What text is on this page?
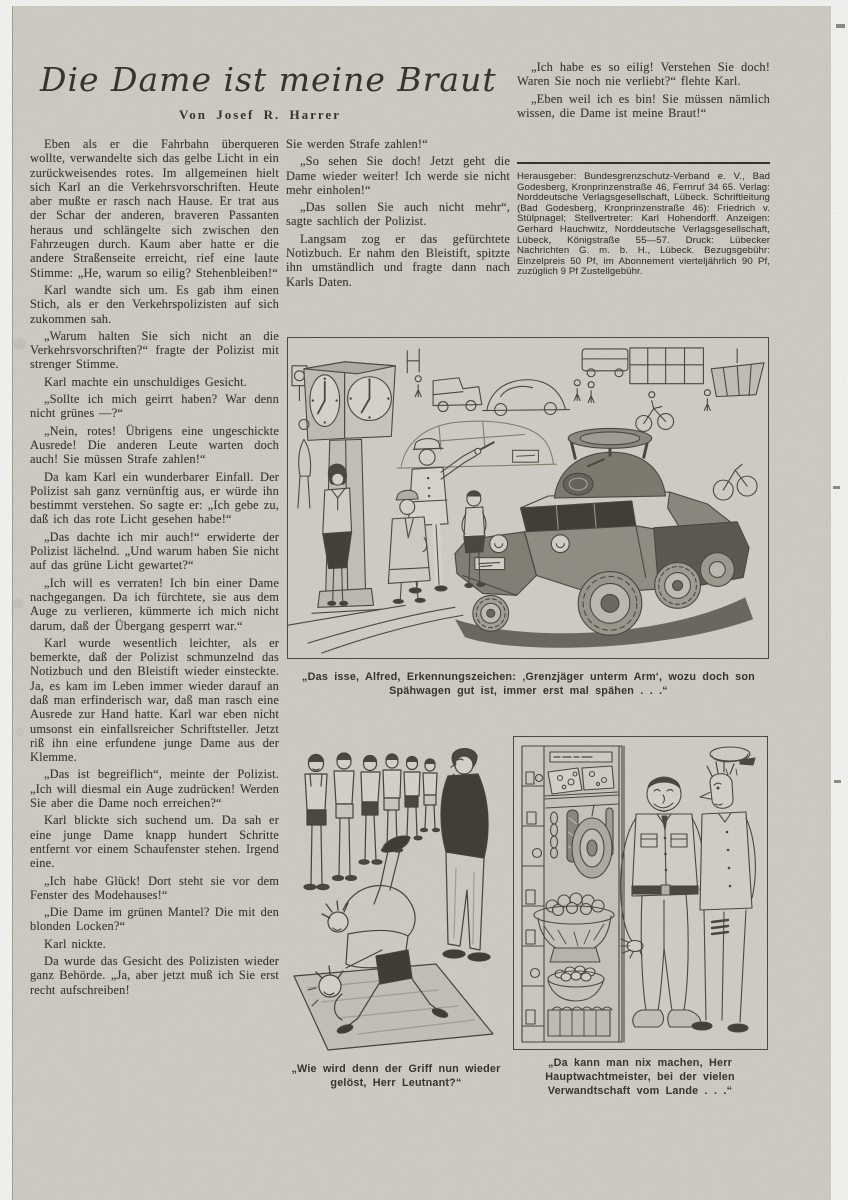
Die Dame ist meine Braut
Von Josef R. Harrer

Eben als er die Fahrbahn überqueren wollte, verwandelte sich das gelbe Licht in ein zurückweisendes rotes. Im allgemeinen hielt sich Karl an die Verkehrsvorschriften. Heute aber mußte er rasch nach Hause. Er trat aus der Schar der anderen, braveren Passanten heraus und schlängelte sich zwischen den Fahrzeugen durch. Kaum aber hatte er die andere Straßenseite erreicht, rief eine laute Stimme: „He, warum so eilig? Stehenbleiben!“

Karl wandte sich um. Es gab ihm einen Stich, als er den Verkehrspolizisten auf sich zukommen sah.

„Warum halten Sie sich nicht an die Verkehrsvorschriften?“ fragte der Polizist mit strenger Stimme.

Karl machte ein unschuldiges Gesicht.

„Sollte ich mich geirrt haben? War denn nicht grünes —?“

„Nein, rotes! Übrigens eine ungeschickte Ausrede! Die anderen Leute warten doch auch! Sie müssen Strafe zahlen!“

Da kam Karl ein wunderbarer Einfall. Der Polizist sah ganz vernünftig aus, er würde ihn bestimmt verstehen. So sagte er: „Ich gebe zu, daß ich das rote Licht gesehen habe!“

„Das dachte ich mir auch!“ erwiderte der Polizist lächelnd. „Und warum haben Sie nicht auf das grüne Licht gewartet?“

„Ich will es verraten! Ich bin einer Dame nachgegangen. Da ich fürchtete, sie aus dem Auge zu verlieren, kümmerte ich mich nicht darum, daß der Übergang gesperrt war.“

Karl wurde wesentlich leichter, als er bemerkte, daß der Polizist schmunzelnd das Notizbuch und den Bleistift wieder einsteckte. Ja, es kam im Leben immer wieder darauf an daß man erfinderisch war, daß man rasch eine Ausrede zur Hand hatte. Karl war eben nicht umsonst ein einfallsreicher Schriftsteller. Jetzt riß ihn eine erfundene junge Dame aus der Klemme.

„Das ist begreiflich“, meinte der Polizist. „Ich will diesmal ein Auge zudrücken! Werden Sie aber die Dame noch erreichen?“

Karl blickte sich suchend um. Da sah er eine junge Dame knapp hundert Schritte entfernt vor einem Schaufenster stehen. Irgend eine.

„Ich habe Glück! Dort steht sie vor dem Fenster des Modehauses!“

„Die Dame im grünen Mantel? Die mit den blonden Locken?“

Karl nickte.

Da wurde das Gesicht des Polizisten wieder ganz Behörde. „Ja, aber jetzt muß ich Sie erst recht aufschreiben!

Sie werden Strafe zahlen!“

„So sehen Sie doch! Jetzt geht die Dame wieder weiter! Ich werde sie nicht mehr einholen!“

„Das sollen Sie auch nicht mehr“, sagte sachlich der Polizist.

Langsam zog er das gefürchtete Notizbuch. Er nahm den Bleistift, spitzte ihn umständlich und fragte dann nach Karls Daten.

„Ich habe es so eilig! Verstehen Sie doch! Waren Sie noch nie verliebt?“ flehte Karl.

„Eben weil ich es bin! Sie müssen nämlich wissen, die Dame ist meine Braut!“

Herausgeber: Bundesgrenzschutz-Verband e. V., Bad Godesberg, Kronprinzenstraße 46, Fernruf 34 65. Verlag: Norddeutsche Verlagsgesellschaft, Lübeck. Schriftleitung (Bad Godesberg, Kronprinzenstraße 46): Friedrich v. Stülpnagel; Stellvertreter: Karl Hohendorff. Anzeigen: Gerhard Hauchwitz, Norddeutsche Verlagsgesellschaft, Lübeck, Königstraße 55—57. Druck: Lübecker Nachrichten G. m. b. H., Lübeck. Bezugsgebühr: Einzelpreis 50 Pf, im Abonnement vierteljährlich 90 Pf, zuzüglich 9 Pf Zustellgebühr.
„Das isse, Alfred, Erkennungszeichen: ‚Grenzjäger unterm Arm‘, wozu doch son Spähwagen gut ist, immer erst mal spähen . . .“
„Wie wird denn der Griff nun wieder gelöst, Herr Leutnant?“
„Da kann man nix machen, Herr Hauptwachtmeister, bei der vielen Verwandtschaft vom Lande . . .“
